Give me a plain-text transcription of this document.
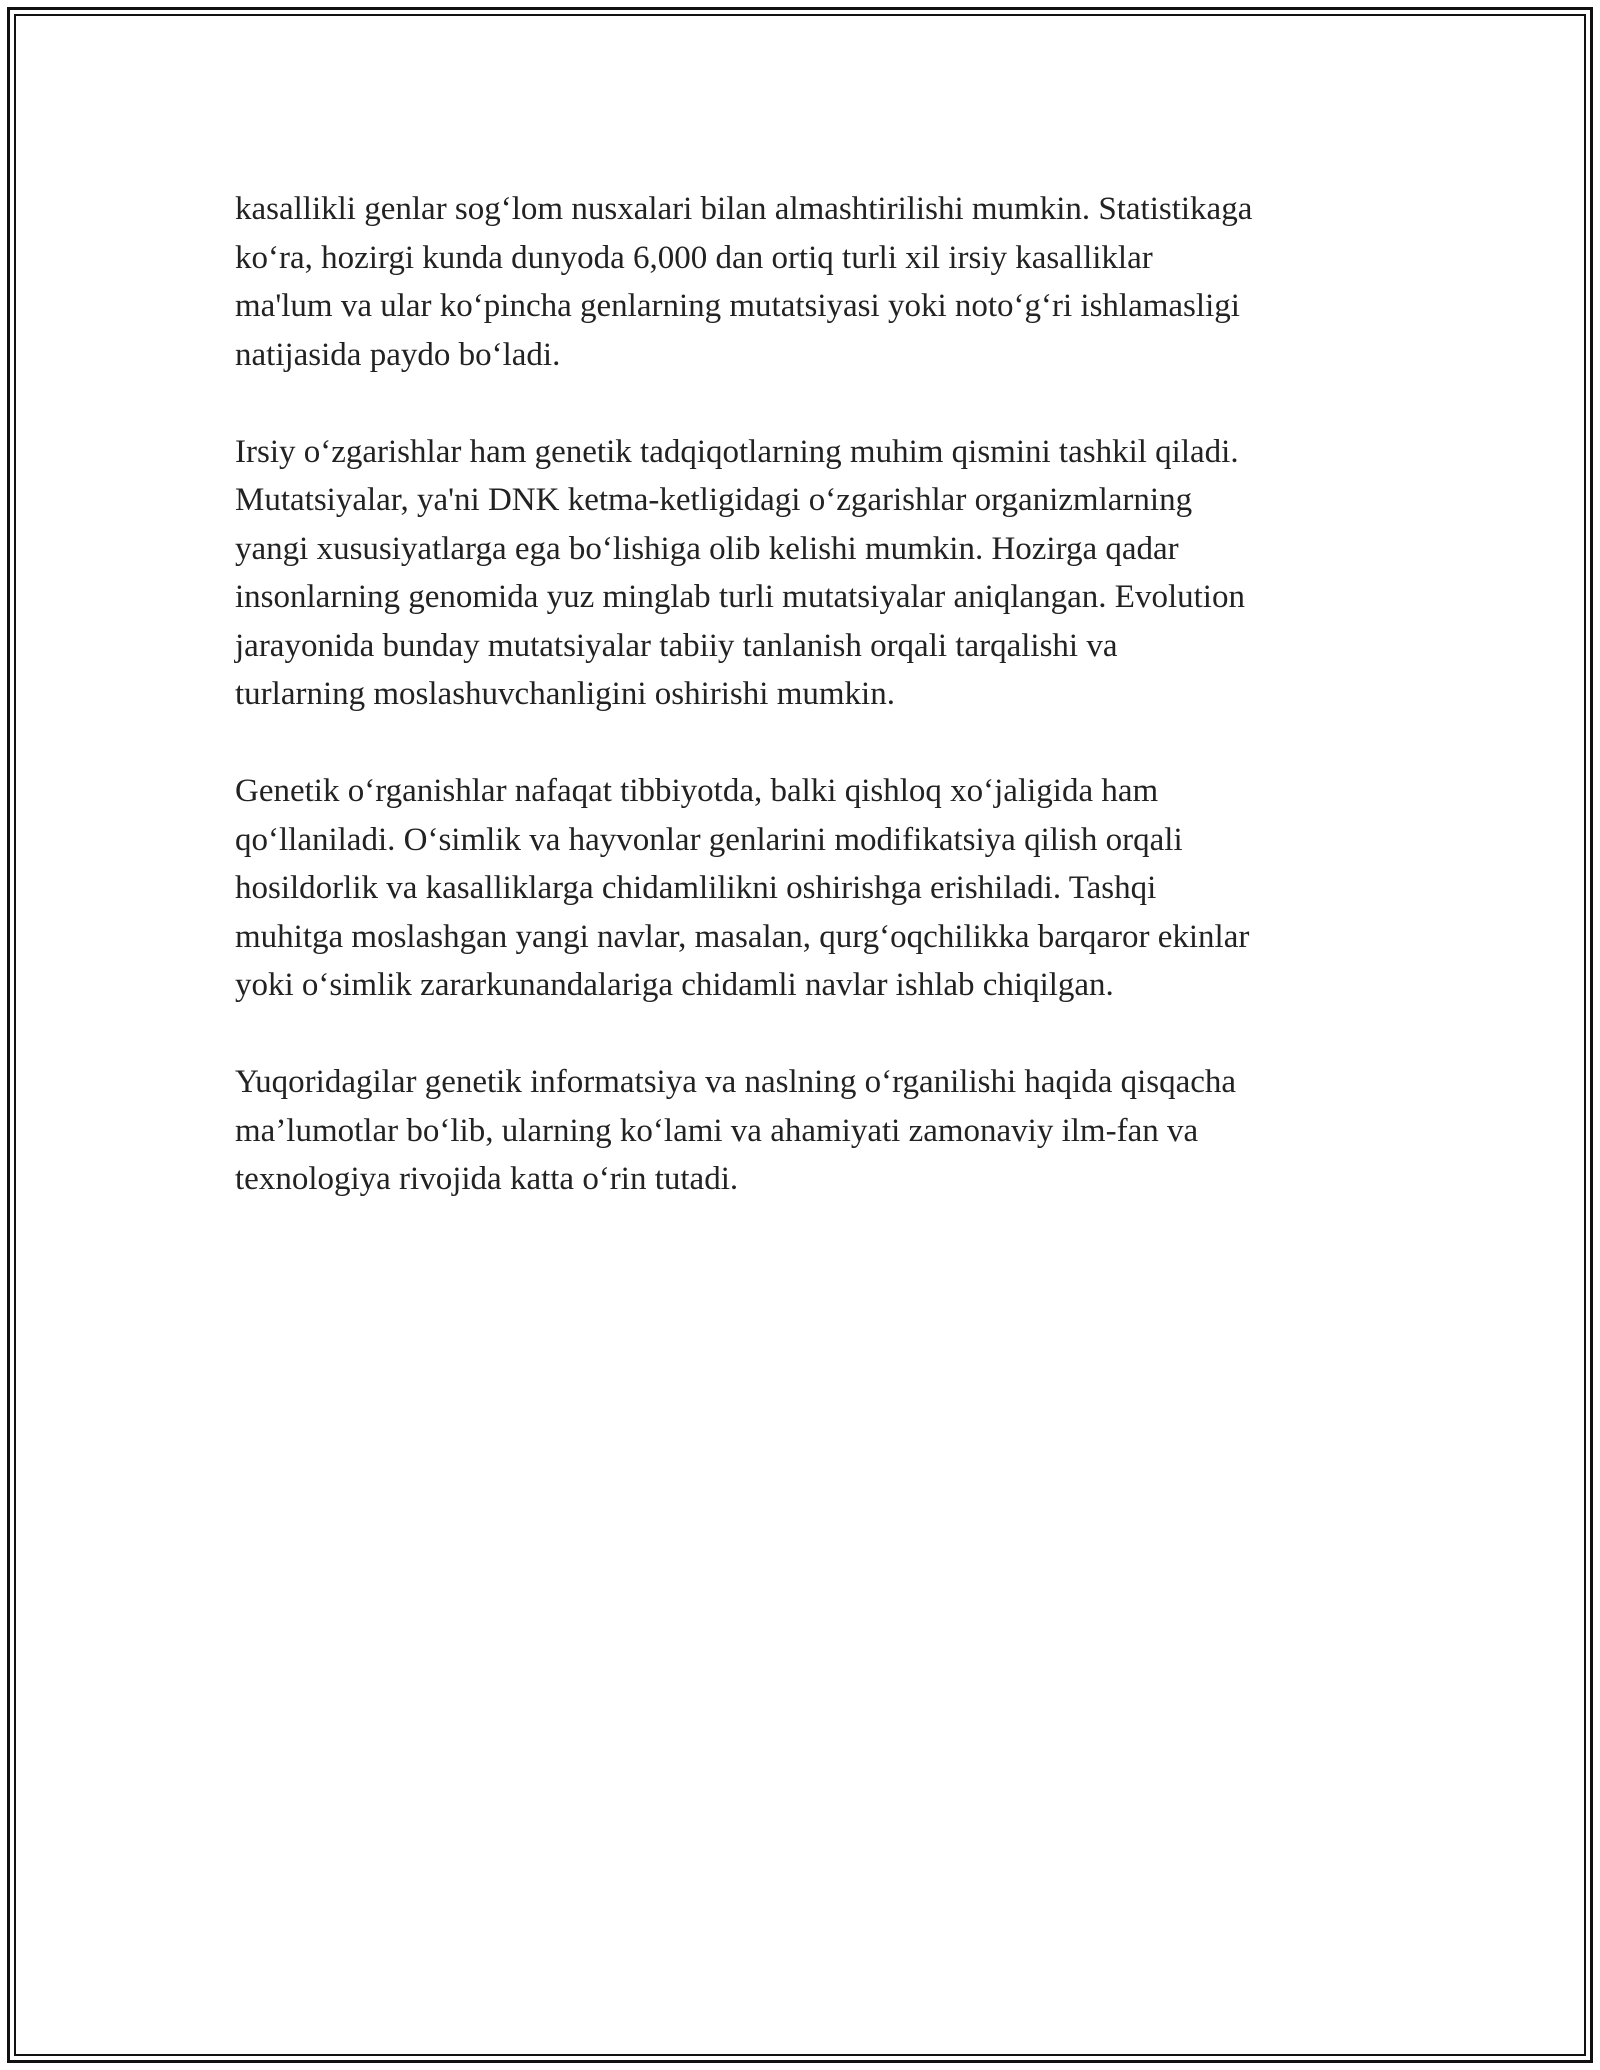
kasallikli genlar sog‘lom nusxalari bilan almashtirilishi mumkin. Statistikaga
ko‘ra, hozirgi kunda dunyoda 6,000 dan ortiq turli xil irsiy kasalliklar
ma'lum va ular ko‘pincha genlarning mutatsiyasi yoki noto‘g‘ri ishlamasligi
natijasida paydo bo‘ladi.

Irsiy o‘zgarishlar ham genetik tadqiqotlarning muhim qismini tashkil qiladi.
Mutatsiyalar, ya'ni DNK ketma-ketligidagi o‘zgarishlar organizmlarning
yangi xususiyatlarga ega bo‘lishiga olib kelishi mumkin. Hozirga qadar
insonlarning genomida yuz minglab turli mutatsiyalar aniqlangan. Evolution
jarayonida bunday mutatsiyalar tabiiy tanlanish orqali tarqalishi va
turlarning moslashuvchanligini oshirishi mumkin.

Genetik o‘rganishlar nafaqat tibbiyotda, balki qishloq xo‘jaligida ham
qo‘llaniladi. O‘simlik va hayvonlar genlarini modifikatsiya qilish orqali
hosildorlik va kasalliklarga chidamlilikni oshirishga erishiladi. Tashqi
muhitga moslashgan yangi navlar, masalan, qurg‘oqchilikka barqaror ekinlar
yoki o‘simlik zararkunandalariga chidamli navlar ishlab chiqilgan.

Yuqoridagilar genetik informatsiya va naslning o‘rganilishi haqida qisqacha
ma’lumotlar bo‘lib, ularning ko‘lami va ahamiyati zamonaviy ilm-fan va
texnologiya rivojida katta o‘rin tutadi.
